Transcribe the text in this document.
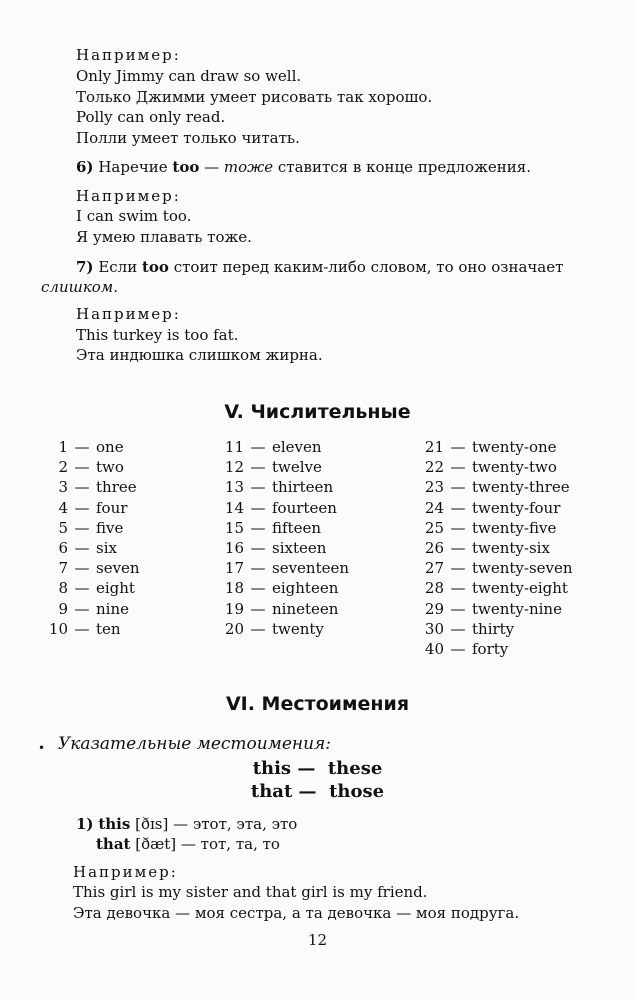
Например:
Only Jimmy can draw so well.
Только Джимми умеет рисовать так хорошо.
Polly can only read.
Полли умеет только читать.
6) Наречие too — тоже ставится в конце предложения.
Например:
I can swim too.
Я умею плавать тоже.
7) Если too стоит перед каким-либо словом, то оно означает
слишком.
Например:
This turkey is too fat.
Эта индюшка слишком жирна.
V. Числительные
1 — one
2 — two
3 — three
4 — four
5 — five
6 — six
7 — seven
8 — eight
9 — nine
10 — ten
11 — eleven
12 — twelve
13 — thirteen
14 — fourteen
15 — fifteen
16 — sixteen
17 — seventeen
18 — eighteen
19 — nineteen
20 — twenty
21 — twenty-one
22 — twenty-two
23 — twenty-three
24 — twenty-four
25 — twenty-five
26 — twenty-six
27 — twenty-seven
28 — twenty-eight
29 — twenty-nine
30 — thirty
40 — forty
VI. Местоимения
• Указательные местоимения:
this —  these
that —  those
1) this [ðɪs] — этот, эта, это
that [ðæt] — тот, та, то
Например:
This girl is my sister and that girl is my friend.
Эта девочка — моя сестра, а та девочка — моя подруга.
12
